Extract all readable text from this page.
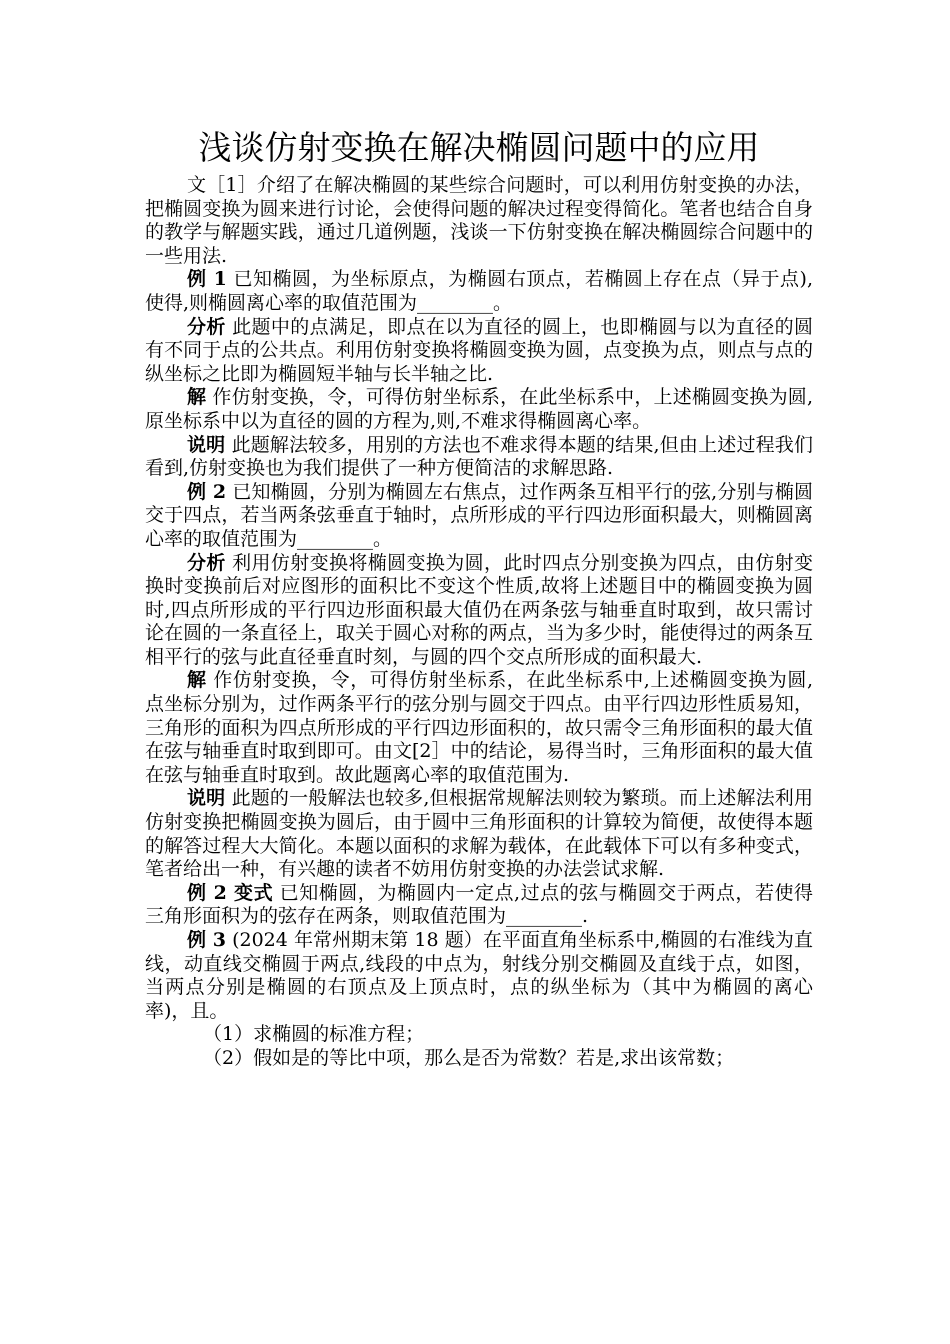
浅谈仿射变换在解决椭圆问题中的应用

文［1］介绍了在解决椭圆的某些综合问题时，可以利用仿射变换的办法，把椭圆变换为圆来进行讨论，会使得问题的解决过程变得简化。笔者也结合自身的教学与解题实践，通过几道例题，浅谈一下仿射变换在解决椭圆综合问题中的一些用法.

例 1 已知椭圆，为坐标原点，为椭圆右顶点，若椭圆上存在点（异于点),使得,则椭圆离心率的取值范围为________。

分析 此题中的点满足，即点在以为直径的圆上，也即椭圆与以为直径的圆有不同于点的公共点。利用仿射变换将椭圆变换为圆，点变换为点，则点与点的纵坐标之比即为椭圆短半轴与长半轴之比.

解 作仿射变换，令，可得仿射坐标系，在此坐标系中，上述椭圆变换为圆,原坐标系中以为直径的圆的方程为,则,不难求得椭圆离心率。

说明 此题解法较多，用别的方法也不难求得本题的结果,但由上述过程我们看到,仿射变换也为我们提供了一种方便简洁的求解思路.

例 2 已知椭圆，分别为椭圆左右焦点，过作两条互相平行的弦,分别与椭圆交于四点，若当两条弦垂直于轴时，点所形成的平行四边形面积最大，则椭圆离心率的取值范围为________。

分析 利用仿射变换将椭圆变换为圆，此时四点分别变换为四点，由仿射变换时变换前后对应图形的面积比不变这个性质,故将上述题目中的椭圆变换为圆时,四点所形成的平行四边形面积最大值仍在两条弦与轴垂直时取到，故只需讨论在圆的一条直径上，取关于圆心对称的两点，当为多少时，能使得过的两条互相平行的弦与此直径垂直时刻，与圆的四个交点所形成的面积最大.

解 作仿射变换，令，可得仿射坐标系，在此坐标系中,上述椭圆变换为圆,点坐标分别为，过作两条平行的弦分别与圆交于四点。由平行四边形性质易知，三角形的面积为四点所形成的平行四边形面积的，故只需令三角形面积的最大值在弦与轴垂直时取到即可。由文[2］中的结论，易得当时，三角形面积的最大值在弦与轴垂直时取到。故此题离心率的取值范围为.

说明 此题的一般解法也较多,但根据常规解法则较为繁琐。而上述解法利用仿射变换把椭圆变换为圆后，由于圆中三角形面积的计算较为简便，故使得本题的解答过程大大简化。本题以面积的求解为载体，在此载体下可以有多种变式，笔者给出一种，有兴趣的读者不妨用仿射变换的办法尝试求解.

例 2 变式 已知椭圆，为椭圆内一定点,过点的弦与椭圆交于两点，若使得三角形面积为的弦存在两条，则取值范围为________.

例 3 (2024 年常州期末第 18 题）在平面直角坐标系中,椭圆的右准线为直线，动直线交椭圆于两点,线段的中点为，射线分别交椭圆及直线于点，如图，当两点分别是椭圆的右顶点及上顶点时，点的纵坐标为（其中为椭圆的离心率)，且。

（1）求椭圆的标准方程；

（2）假如是的等比中项，那么是否为常数？若是,求出该常数；
